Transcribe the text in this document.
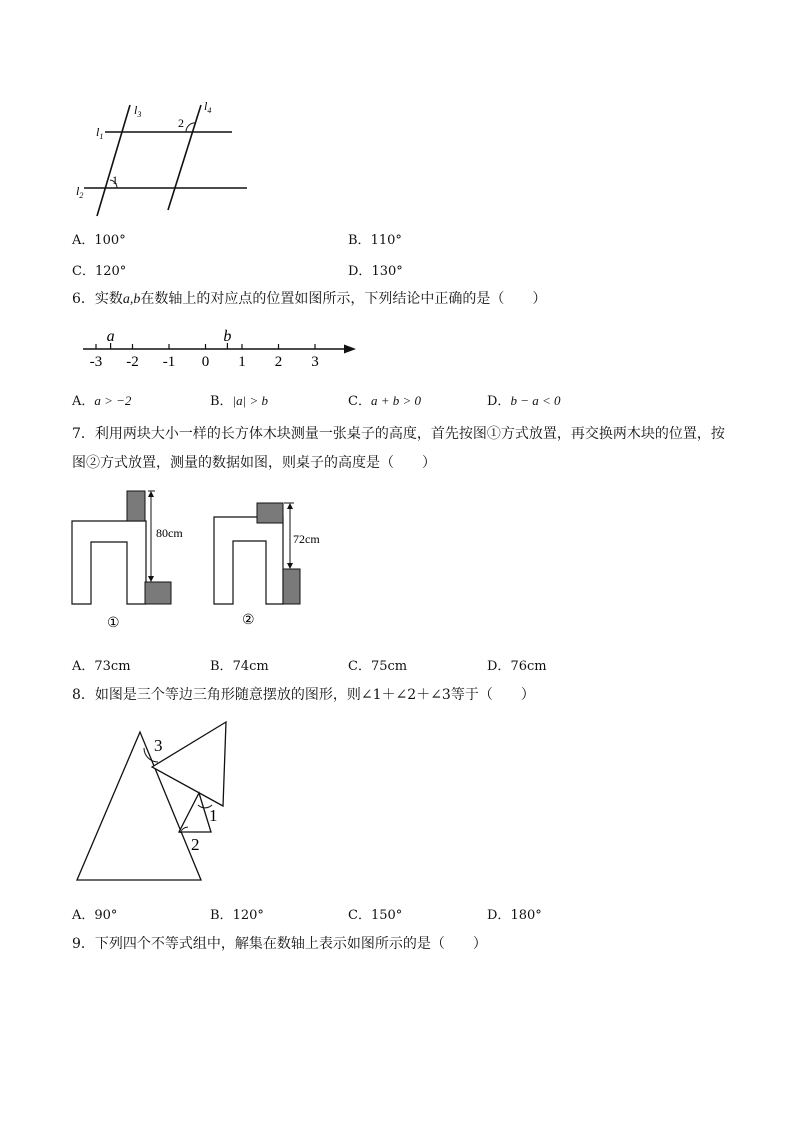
$l_3$
$l_4$
$l_1$
$l_2$
1
2
A．100°	B．110°
C．120°	D．130°
6．实数a,b在数轴上的对应点的位置如图所示，下列结论中正确的是（　　）
-3 -2 -1 0 1 2 3
a	b
A．a > −2	B．|a| > b	C．a + b > 0	D．b − a < 0
7．利用两块大小一样的长方体木块测量一张桌子的高度，首先按图①方式放置，再交换两木块的位置，按
图②方式放置，测量的数据如图，则桌子的高度是（　　）
80cm
①
72cm
②
A．73cm	B．74cm	C．75cm	D．76cm
8．如图是三个等边三角形随意摆放的图形，则∠1＋∠2＋∠3等于（　　）
3
1
2
A．90°	B．120°	C．150°	D．180°
9．下列四个不等式组中，解集在数轴上表示如图所示的是（　　）
